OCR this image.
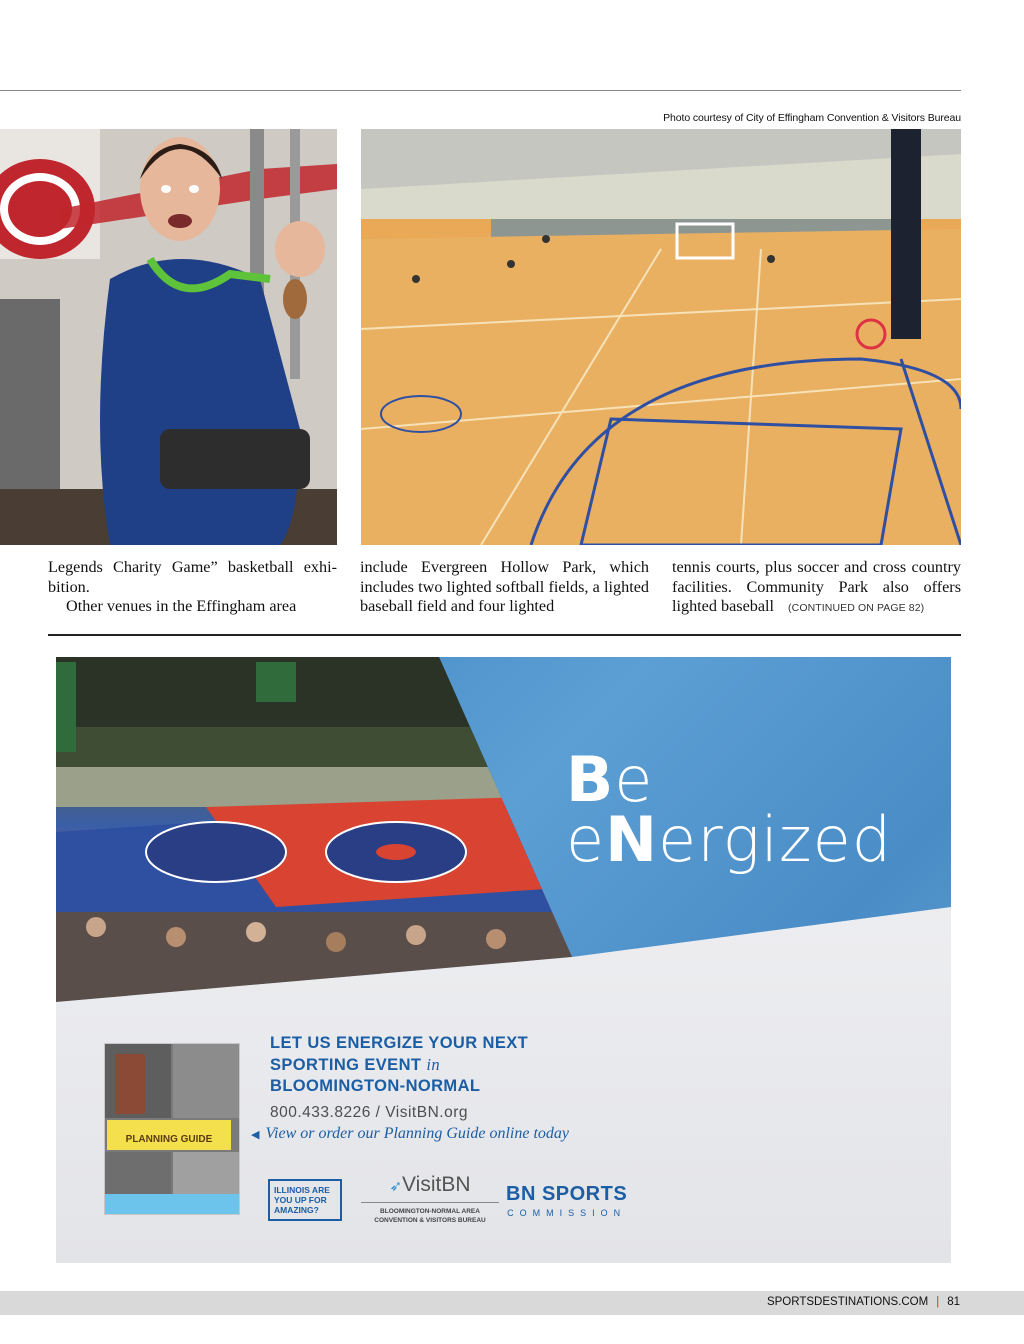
Photo courtesy of City of Effingham Convention & Visitors Bureau

Legends Charity Game” basketball exhi-bition.

Other venues in the Effingham area

include Evergreen Hollow Park, which includes two lighted softball fields, a lighted baseball field and four lighted

tennis courts, plus soccer and cross country facilities. Community Park also offers lighted baseball (CONTINUED ON PAGE 82)

Be
eNergized
PLANNING GUIDE
LET US ENERGIZE YOUR NEXT
SPORTING EVENT in
BLOOMINGTON-NORMAL
800.433.8226 / VisitBN.org
◀ View or order our Planning Guide online today
ILLINOIS ARE YOU UP FOR AMAZING?
➶VisitBN
BLOOMINGTON-NORMAL AREA
CONVENTION & VISITORS BUREAU
BN SPORTS
COMMISSION
SPORTSDESTINATIONS.COM | 81
